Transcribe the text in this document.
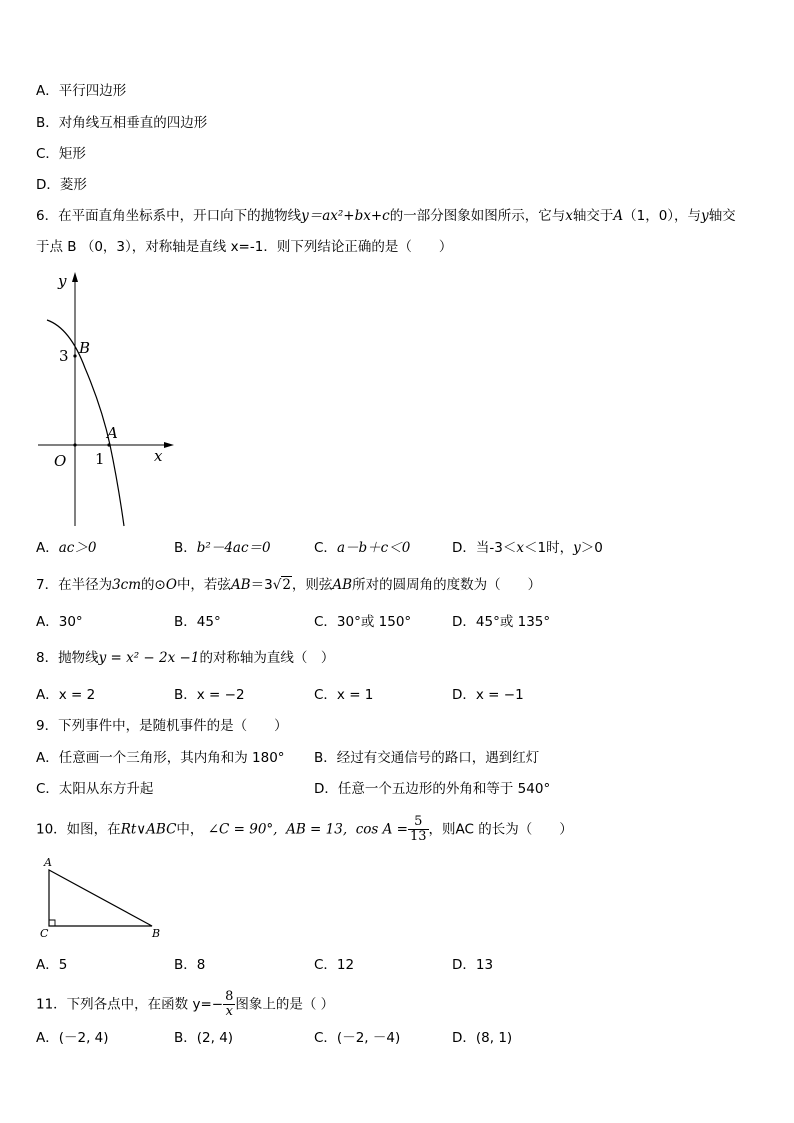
A．平行四边形
B．对角线互相垂直的四边形
C．矩形
D．菱形
6．在平面直角坐标系中，开口向下的抛物线y＝ax²+bx+c的一部分图象如图所示，它与x轴交于A（1，0），与y轴交
于点 B （0，3），对称轴是直线 x=-1．则下列结论正确的是（　　）
y
x
O
B
A
3
1
A．ac＞0	B．b²－4ac＝0	C．a－b＋c＜0	D．当-3＜x＜1时，y＞0
7．在半径为3cm的⊙O中，若弦AB＝3√2，则弦AB所对的圆周角的度数为（　　）
A．30°	B．45°	C．30°或 150°	D．45°或 135°
8．抛物线y = x² − 2x −1的对称轴为直线（　）
A．x = 2	B．x = −2	C．x = 1	D．x = −1
9．下列事件中，是随机事件的是（　　）
A．任意画一个三角形，其内角和为 180° B．经过有交通信号的路口，遇到红灯
C．太阳从东方升起	D．任意一个五边形的外角和等于 540°
10．如图，在Rt∨ABC中， ∠C = 90°, AB = 13, $\cos A = \frac{5}{13}$ ，则AC 的长为（　　）
A
C	B
A．5	B．8	C．12	D．13
11．下列各点中，在函数 $y=- \frac{8}{x}$ 图象上的是（ ）
A．(－2, 4)	B．(2, 4)	C．(－2, －4)	D．(8, 1)
